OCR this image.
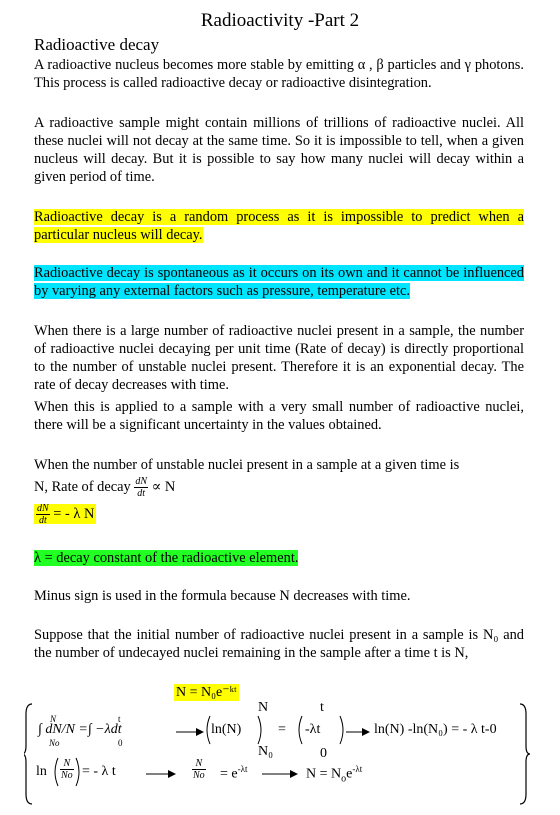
Radioactivity -Part 2
Radioactive decay
A radioactive nucleus becomes more stable by emitting α , β particles and γ photons. This process is called radioactive decay or radioactive disintegration.
A radioactive sample might contain millions of trillions of radioactive nuclei. All these nuclei will not decay at the same time. So it is impossible to tell, when a given nucleus will decay. But it is possible to say how many nuclei will decay within a given period of time.
Radioactive decay is a random process as it is impossible to predict when a particular nucleus will decay.
Radioactive decay is spontaneous as it occurs on its own and it cannot be influenced by varying any external factors such as pressure, temperature etc.
When there is a large number of radioactive nuclei present in a sample, the number of radioactive nuclei decaying per unit time (Rate of decay) is directly proportional to the number of unstable nuclei present. Therefore it is an exponential decay. The rate of decay decreases with time.
When this is applied to a sample with a very small number of radioactive nuclei, there will be a significant uncertainty in the values obtained.
When the number of unstable nuclei present in a sample at a given time is
N, Rate of decay $\frac{dN}{dt} \propto N$
$\frac{dN}{dt}$ = - λ N
λ = decay constant of the radioactive element.
Minus sign is used in the formula because N decreases with time.
Suppose that the initial number of radioactive nuclei present in a sample is N₀ and the number of undecayed nuclei remaining in the sample after a time t is N,
N = N₀e⁻ᵏᵗ
∫ dN/N =∫ −λdt
N
No
t
0
ln(N)
N
N₀
= -λt
t
0
ln(N) -ln(N₀) = - λ t-0
$\ln \frac{N}{No}$ = - λ t	$\frac{N}{No} = e^{-\lambda t}$	$N = N_oe^{-\lambda t}$
